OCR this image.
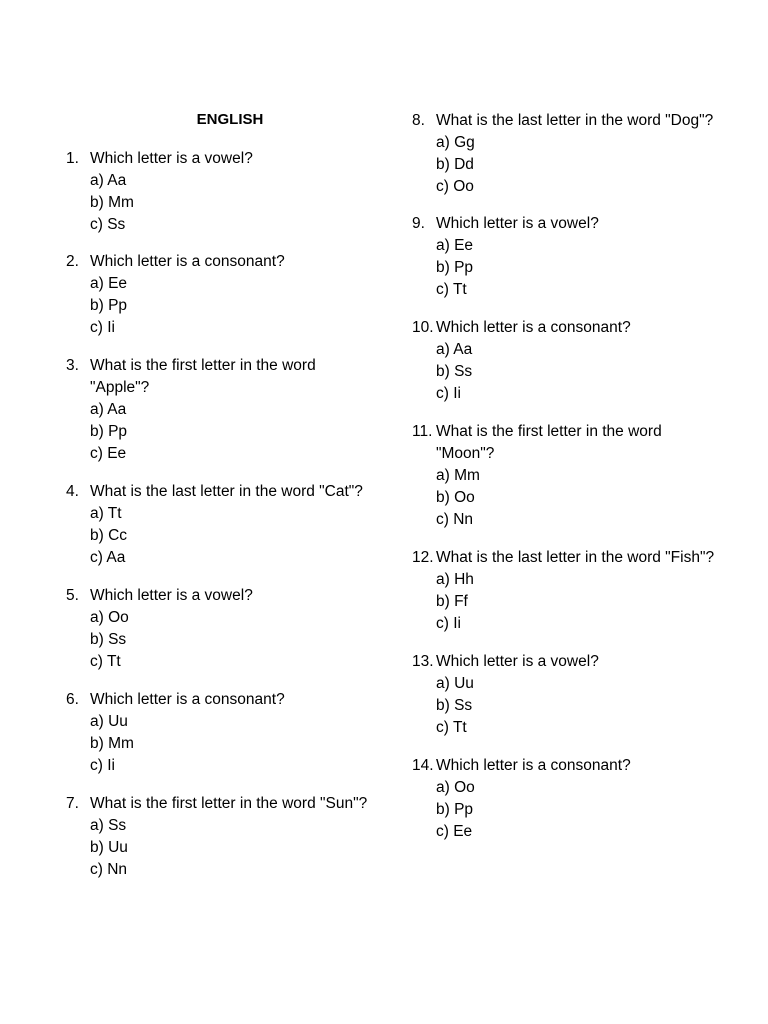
ENGLISH
1. Which letter is a vowel?
a) Aa
b) Mm
c) Ss
2. Which letter is a consonant?
a) Ee
b) Pp
c) Ii
3. What is the first letter in the word "Apple"?
a) Aa
b) Pp
c) Ee
4. What is the last letter in the word "Cat"?
a) Tt
b) Cc
c) Aa
5. Which letter is a vowel?
a) Oo
b) Ss
c) Tt
6. Which letter is a consonant?
a) Uu
b) Mm
c) Ii
7. What is the first letter in the word "Sun"?
a) Ss
b) Uu
c) Nn
8. What is the last letter in the word "Dog"?
a) Gg
b) Dd
c) Oo
9. Which letter is a vowel?
a) Ee
b) Pp
c) Tt
10. Which letter is a consonant?
a) Aa
b) Ss
c) Ii
11. What is the first letter in the word "Moon"?
a) Mm
b) Oo
c) Nn
12. What is the last letter in the word "Fish"?
a) Hh
b) Ff
c) Ii
13. Which letter is a vowel?
a) Uu
b) Ss
c) Tt
14. Which letter is a consonant?
a) Oo
b) Pp
c) Ee
